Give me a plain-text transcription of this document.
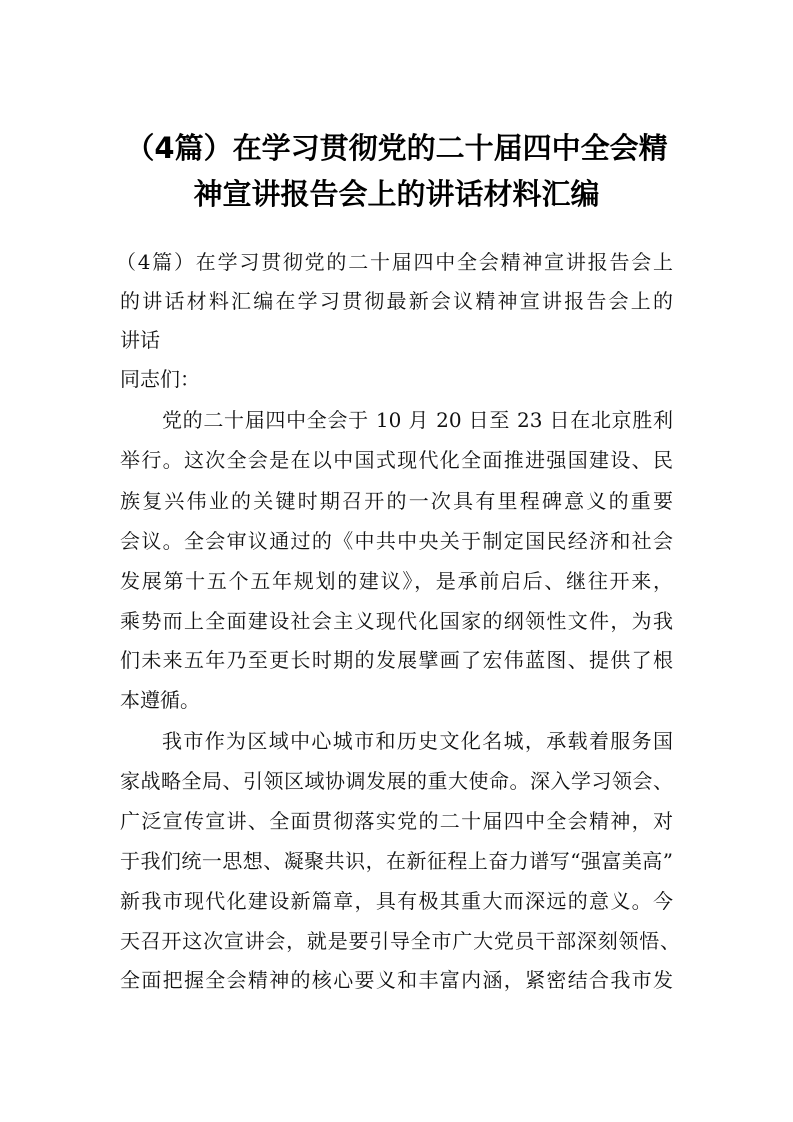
（4篇）在学习贯彻党的二十届四中全会精
神宣讲报告会上的讲话材料汇编
（4篇）在学习贯彻党的二十届四中全会精神宣讲报告会上
的讲话材料汇编在学习贯彻最新会议精神宣讲报告会上的
讲话
同志们：
党的二十届四中全会于 10 月 20 日至 23 日在北京胜利
举行。这次全会是在以中国式现代化全面推进强国建设、民
族复兴伟业的关键时期召开的一次具有里程碑意义的重要
会议。全会审议通过的《中共中央关于制定国民经济和社会
发展第十五个五年规划的建议》，是承前启后、继往开来，
乘势而上全面建设社会主义现代化国家的纲领性文件，为我
们未来五年乃至更长时期的发展擘画了宏伟蓝图、提供了根
本遵循。
我市作为区域中心城市和历史文化名城，承载着服务国
家战略全局、引领区域协调发展的重大使命。深入学习领会、
广泛宣传宣讲、全面贯彻落实党的二十届四中全会精神，对
于我们统一思想、凝聚共识，在新征程上奋力谱写“强富美高”
新我市现代化建设新篇章，具有极其重大而深远的意义。今
天召开这次宣讲会，就是要引导全市广大党员干部深刻领悟、
全面把握全会精神的核心要义和丰富内涵，紧密结合我市发
